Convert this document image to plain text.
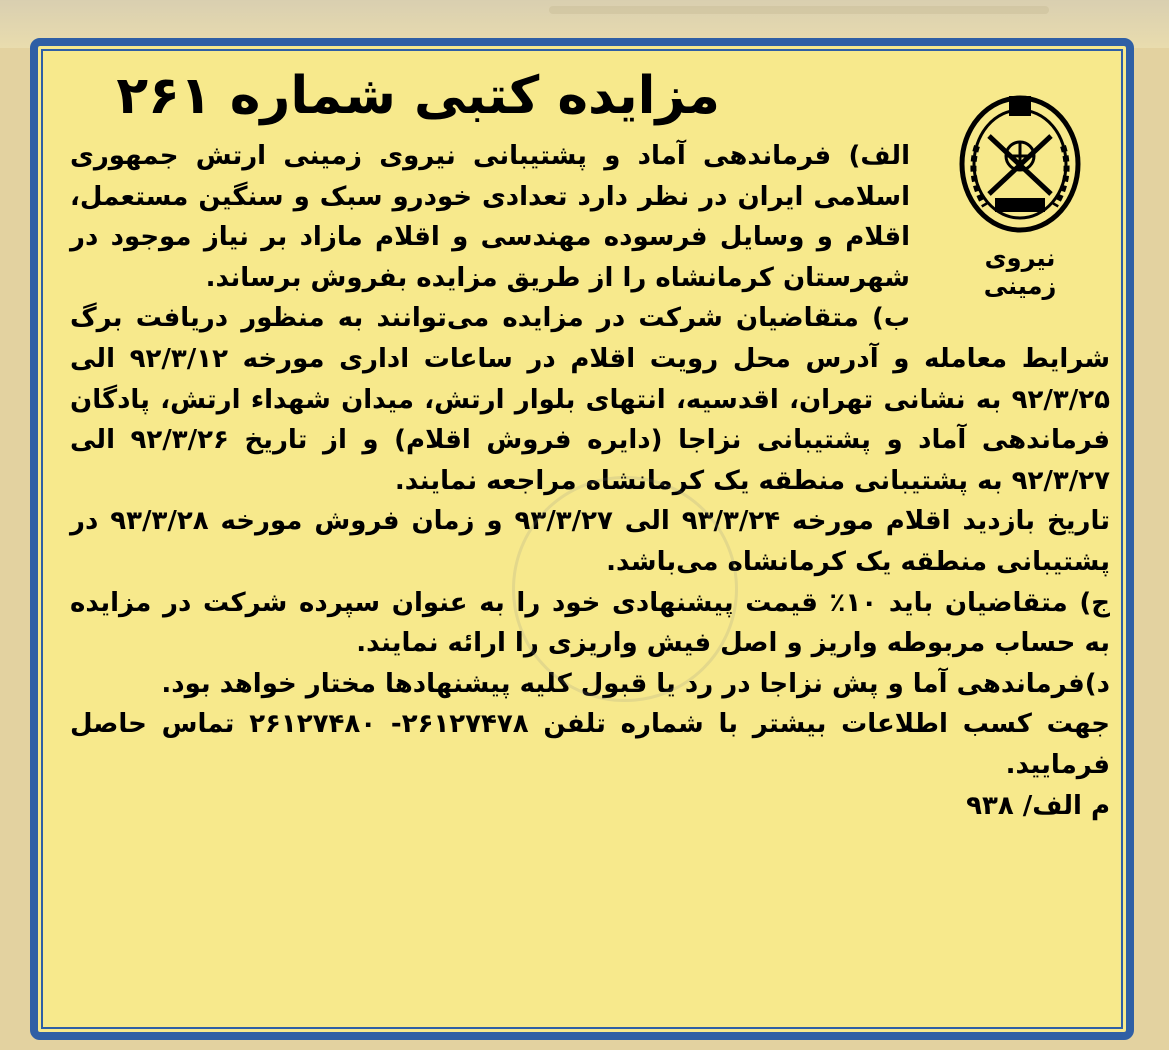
مزایده کتبی شماره ۲۶۱
نیروی زمینی

الف) فرماندهی آماد و پشتیبانی نیروی زمینی ارتش جمهوری اسلامی ایران در نظر دارد تعدادی خودرو سبک و سنگین مستعمل، اقلام و وسایل فرسوده مهندسی و اقلام مازاد بر نیاز موجود در شهرستان کرمانشاه را از طریق مزایده بفروش برساند.

ب) متقاضیان شرکت در مزایده می‌توانند به منظور دریافت برگ شرایط معامله و آدرس محل رویت اقلام در ساعات اداری مورخه ۹۲/۳/۱۲ الی ۹۲/۳/۲۵ به نشانی تهران، اقدسیه، انتهای بلوار ارتش، میدان شهداء ارتش، پادگان فرماندهی آماد و پشتیبانی نزاجا (دایره فروش اقلام) و از تاریخ ۹۲/۳/۲۶ الی ۹۲/۳/۲۷ به پشتیبانی منطقه یک کرمانشاه مراجعه نمایند.

تاریخ بازدید اقلام مورخه ۹۳/۳/۲۴ الی ۹۳/۳/۲۷ و زمان فروش مورخه ۹۳/۳/۲۸ در پشتیبانی منطقه یک کرمانشاه می‌باشد.

ج) متقاضیان باید ۱۰٪ قیمت پیشنهادی خود را به عنوان سپرده شرکت در مزایده به حساب مربوطه واریز و اصل فیش واریزی را ارائه نمایند.

د)فرماندهی آما و پش نزاجا در رد یا قبول کلیه پیشنهادها مختار خواهد بود.

جهت کسب اطلاعات بیشتر با شماره تلفن ۲۶۱۲۷۴۷۸- ۲۶۱۲۷۴۸۰ تماس حاصل فرمایید.

م الف/ ۹۳۸
